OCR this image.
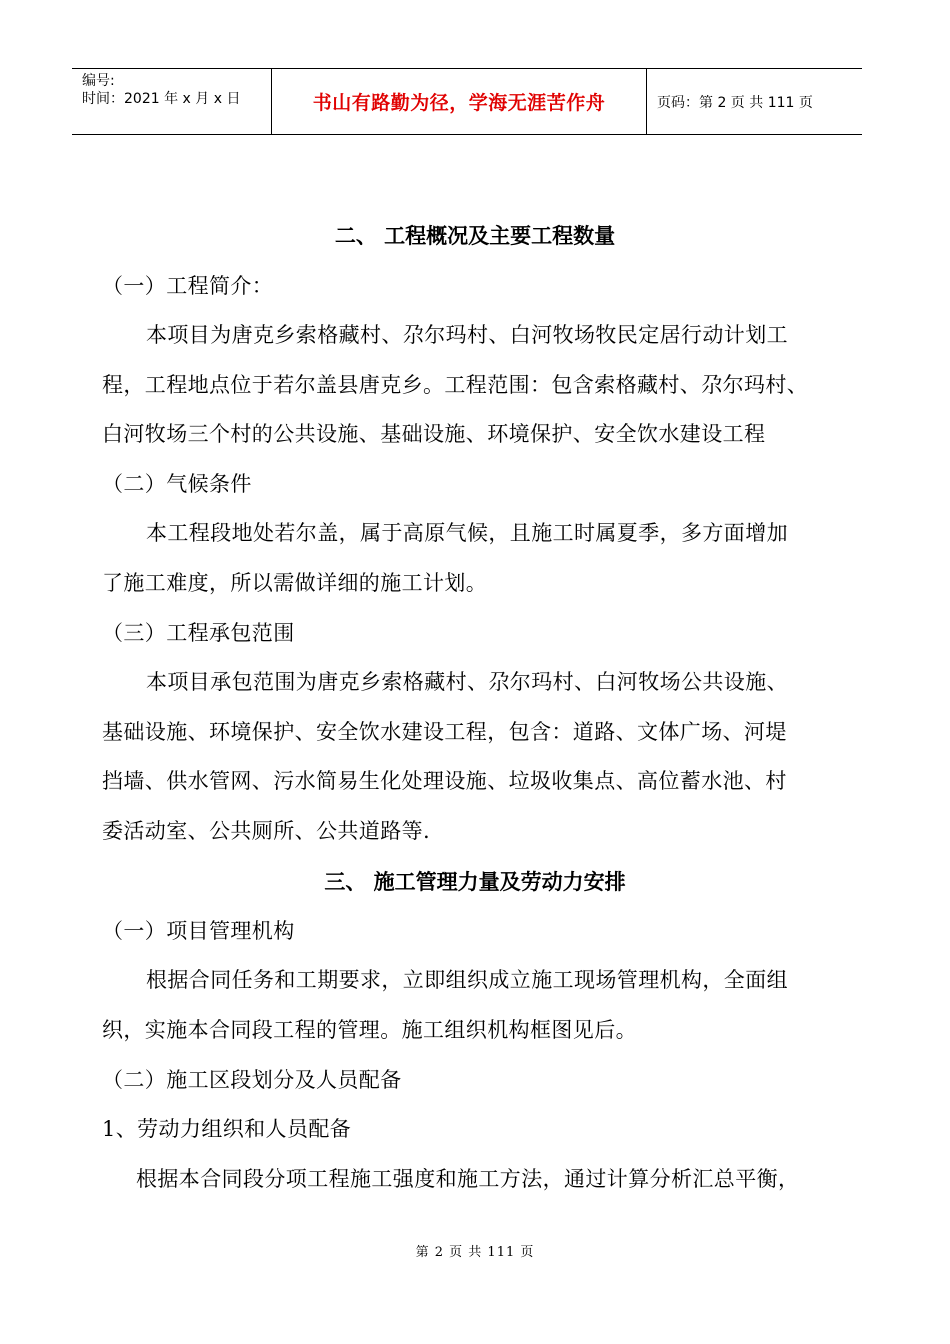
编号:
时间：2021 年 x 月 x 日	书山有路勤为径，学海无涯苦作舟	页码：第 2 页 共 111 页
二、 工程概况及主要工程数量
（一）工程简介：
本项目为唐克乡索格藏村、尕尔玛村、白河牧场牧民定居行动计划工
程，工程地点位于若尔盖县唐克乡。工程范围：包含索格藏村、尕尔玛村、
白河牧场三个村的公共设施、基础设施、环境保护、安全饮水建设工程
（二）气候条件
本工程段地处若尔盖，属于高原气候，且施工时属夏季，多方面增加
了施工难度，所以需做详细的施工计划。
（三）工程承包范围
本项目承包范围为唐克乡索格藏村、尕尔玛村、白河牧场公共设施、
基础设施、环境保护、安全饮水建设工程，包含：道路、文体广场、河堤
挡墙、供水管网、污水简易生化处理设施、垃圾收集点、高位蓄水池、村
委活动室、公共厕所、公共道路等.
三、 施工管理力量及劳动力安排
（一）项目管理机构
根据合同任务和工期要求，立即组织成立施工现场管理机构，全面组
织，实施本合同段工程的管理。施工组织机构框图见后。
（二）施工区段划分及人员配备
1、劳动力组织和人员配备
根据本合同段分项工程施工强度和施工方法，通过计算分析汇总平衡，
第 2 页 共 111 页
